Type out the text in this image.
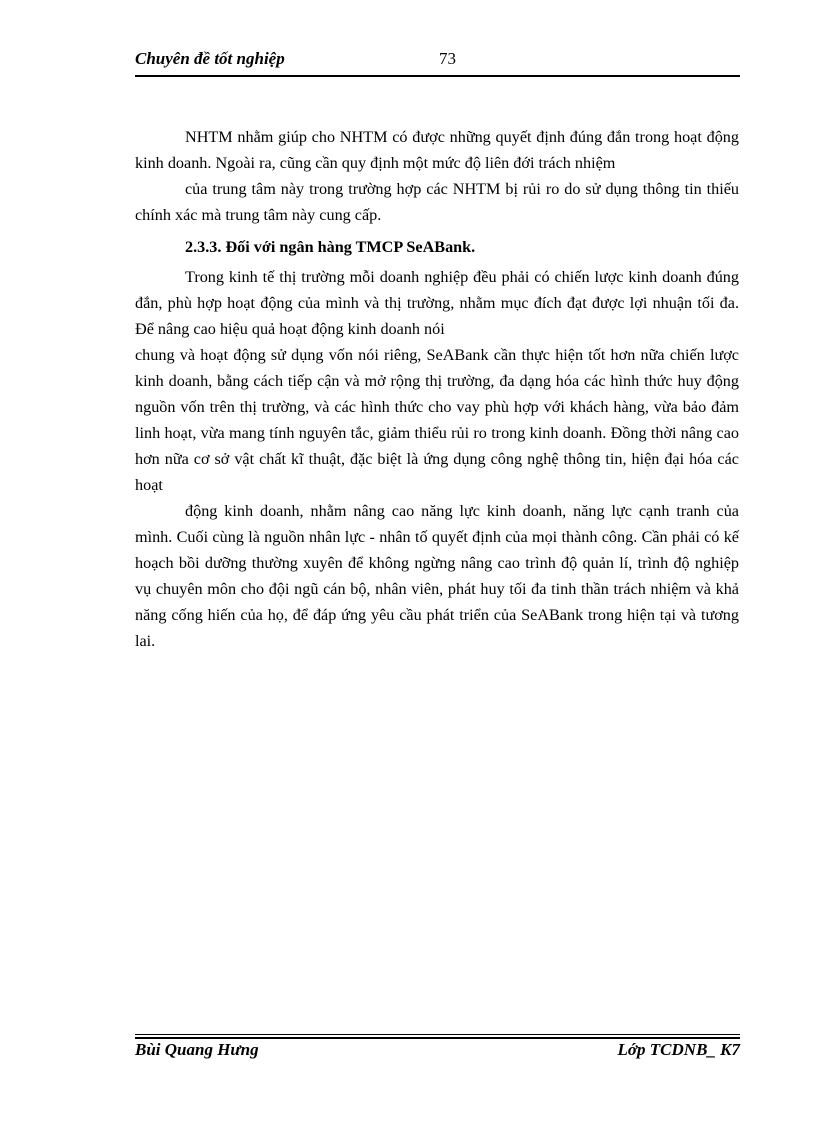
Chuyên đề tốt nghiệp	73

NHTM nhằm giúp cho NHTM có được những quyết định đúng đắn trong hoạt động kinh doanh. Ngoài ra, cũng cần quy định một mức độ liên đới trách nhiệm

của trung tâm này trong trường hợp các NHTM bị rủi ro do sử dụng thông tin thiếu chính xác mà trung tâm này cung cấp.

2.3.3. Đối với ngân hàng TMCP SeABank.

Trong kinh tế thị trường mỗi doanh nghiệp đều phải có chiến lược kinh doanh đúng đắn, phù hợp hoạt động của mình và thị trường, nhằm mục đích đạt được lợi nhuận tối đa. Để nâng cao hiệu quả hoạt động kinh doanh nói

chung và hoạt động sử dụng vốn nói riêng, SeABank cần thực hiện tốt hơn nữa chiến lược kinh doanh, bằng cách tiếp cận và mở rộng thị trường, đa dạng hóa các hình thức huy động nguồn vốn trên thị trường, và các hình thức cho vay phù hợp với khách hàng, vừa bảo đảm linh hoạt, vừa mang tính nguyên tắc, giảm thiểu rủi ro trong kinh doanh. Đồng thời nâng cao hơn nữa cơ sở vật chất kĩ thuật, đặc biệt là ứng dụng công nghệ thông tin, hiện đại hóa các hoạt

động kinh doanh, nhằm nâng cao năng lực kinh doanh, năng lực cạnh tranh của mình. Cuối cùng là nguồn nhân lực - nhân tố quyết định của mọi thành công. Cần phải có kế hoạch bồi dưỡng thường xuyên để không ngừng nâng cao trình độ quản lí, trình độ nghiệp vụ chuyên môn cho đội ngũ cán bộ, nhân viên, phát huy tối đa tinh thần trách nhiệm và khả năng cống hiến của họ, để đáp ứng yêu cầu phát triển của SeABank trong hiện tại và tương lai.

Bùi Quang Hưng	Lớp TCDNB_ K7
